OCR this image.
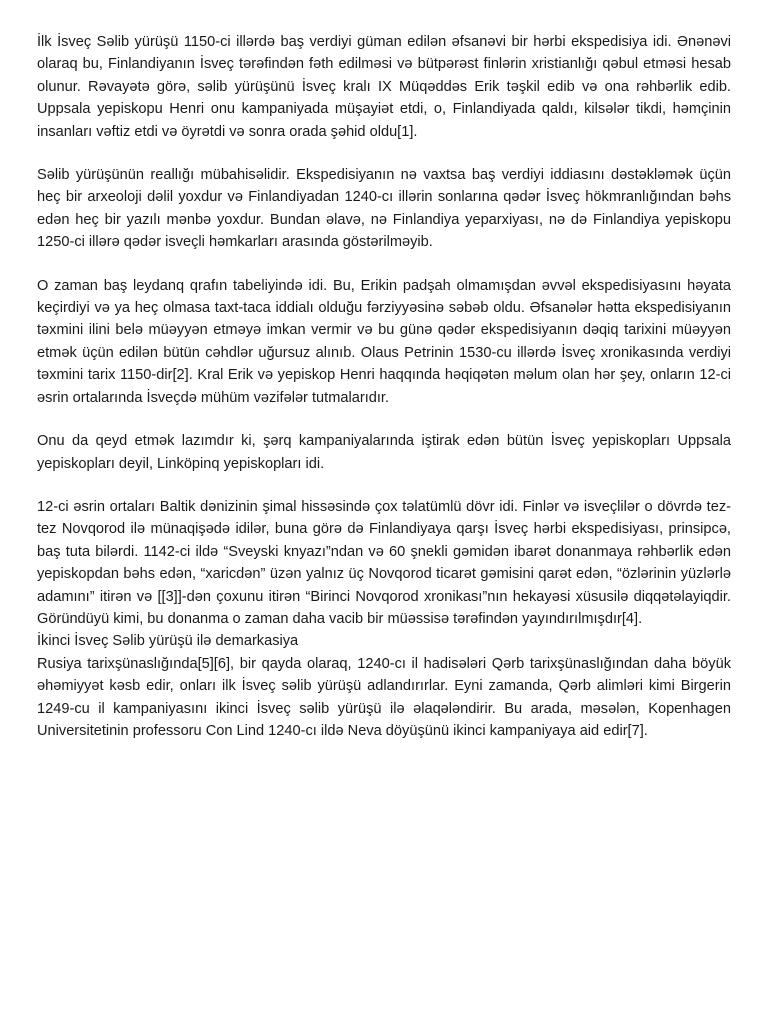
İlk İsveç Səlib yürüşü 1150-ci illərdə baş verdiyi güman edilən əfsanəvi bir hərbi ekspedisiya idi. Ənənəvi olaraq bu, Finlandiyanın İsveç tərəfindən fəth edilməsi və bütpərəst finlərin xristianlığı qəbul etməsi hesab olunur. Rəvayətə görə, səlib yürüşünü İsveç kralı IX Müqəddəs Erik təşkil edib və ona rəhbərlik edib. Uppsala yepiskopu Henri onu kampaniyada müşayiət etdi, o, Finlandiyada qaldı, kilsələr tikdi, həmçinin insanları vəftiz etdi və öyrətdi və sonra orada şəhid oldu[1].

Səlib yürüşünün reallığı mübahisəlidir. Ekspedisiyanın nə vaxtsa baş verdiyi iddiasını dəstəkləmək üçün heç bir arxeoloji dəlil yoxdur və Finlandiyadan 1240-cı illərin sonlarına qədər İsveç hökmranlığından bəhs edən heç bir yazılı mənbə yoxdur. Bundan əlavə, nə Finlandiya yeparxiyası, nə də Finlandiya yepiskopu 1250-ci illərə qədər isveçli həmkarları arasında göstərilməyib.

O zaman baş leydanq qrafın tabeliyində idi. Bu, Erikin padşah olmamışdan əvvəl ekspedisiyasını həyata keçirdiyi və ya heç olmasa taxt-taca iddialı olduğu fərziyyəsinə səbəb oldu. Əfsanələr hətta ekspedisiyanın təxmini ilini belə müəyyən etməyə imkan vermir və bu günə qədər ekspedisiyanın dəqiq tarixini müəyyən etmək üçün edilən bütün cəhdlər uğursuz alınıb. Olaus Petrinin 1530-cu illərdə İsveç xronikasında verdiyi təxmini tarix 1150-dir[2]. Kral Erik və yepiskop Henri haqqında həqiqətən məlum olan hər şey, onların 12-ci əsrin ortalarında İsveçdə mühüm vəzifələr tutmalarıdır.

Onu da qeyd etmək lazımdır ki, şərq kampaniyalarında iştirak edən bütün İsveç yepiskopları Uppsala yepiskopları deyil, Linköpinq yepiskopları idi.

12-ci əsrin ortaları Baltik dənizinin şimal hissəsində çox təlatümlü dövr idi. Finlər və isveçlilər o dövrdə tez-tez Novqorod ilə münaqişədə idilər, buna görə də Finlandiyaya qarşı İsveç hərbi ekspedisiyası, prinsipcə, baş tuta bilərdi. 1142-ci ildə “Sveyski knyazı”ndan və 60 şnekli gəmidən ibarət donanmaya rəhbərlik edən yepiskopdan bəhs edən, “xaricdən” üzən yalnız üç Novqorod ticarət gəmisini qarət edən, “özlərinin yüzlərlə adamını” itirən və [[3]]-dən çoxunu itirən “Birinci Novqorod xronikası”nın hekayəsi xüsusilə diqqətəlayiqdir. Göründüyü kimi, bu donanma o zaman daha vacib bir müəssisə tərəfindən yayındırılmışdır[4].

İkinci İsveç Səlib yürüşü ilə demarkasiya

Rusiya tarixşünaslığında[5][6], bir qayda olaraq, 1240-cı il hadisələri Qərb tarixşünaslığından daha böyük əhəmiyyət kəsb edir, onları ilk İsveç səlib yürüşü adlandırırlar. Eyni zamanda, Qərb alimləri kimi Birgerin 1249-cu il kampaniyasını ikinci İsveç səlib yürüşü ilə əlaqələndirir. Bu arada, məsələn, Kopenhagen Universitetinin professoru Con Lind 1240-cı ildə Neva döyüşünü ikinci kampaniyaya aid edir[7].
